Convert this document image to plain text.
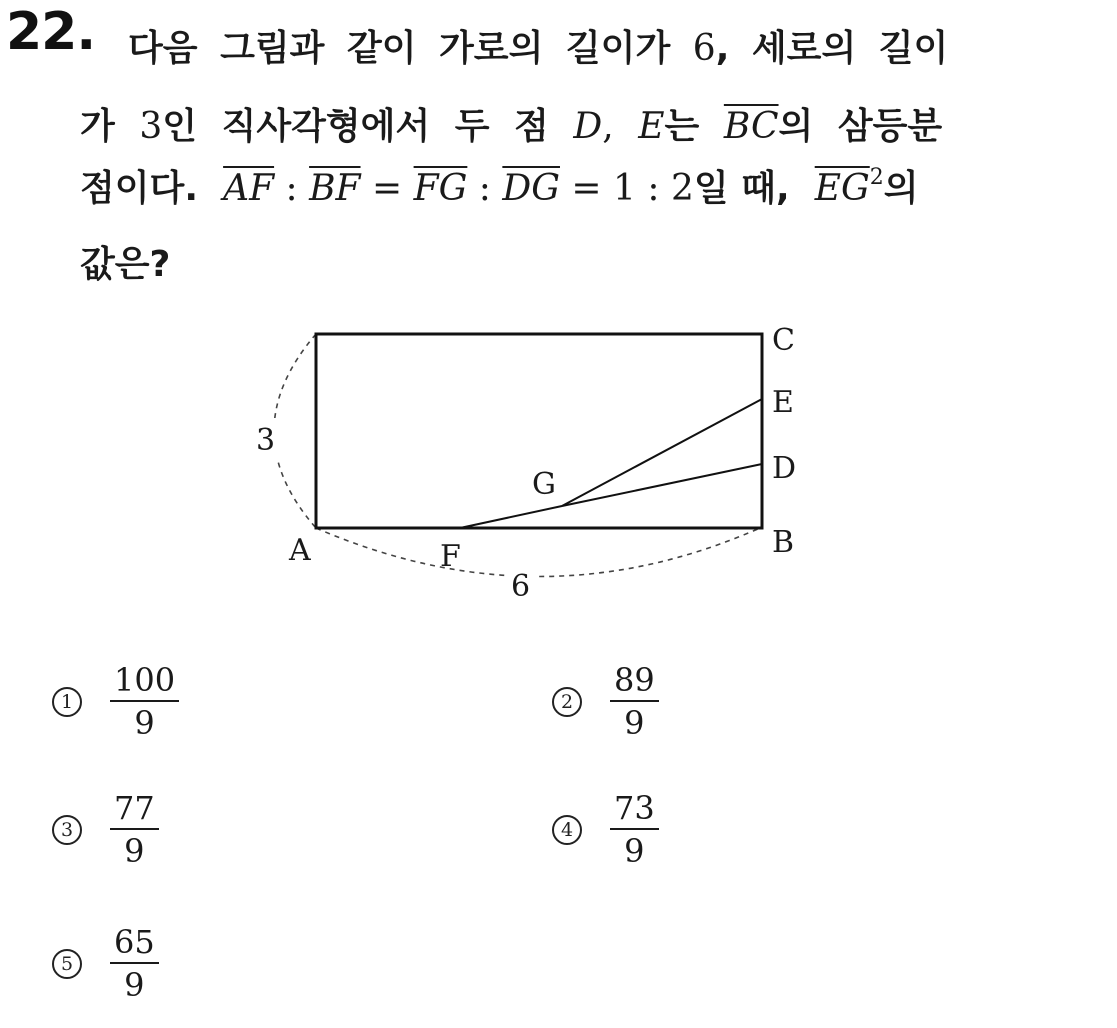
22. 다음 그림과 같이 가로의 길이가 6, 세로의 길이
가 3인 직사각형에서 두 점 D, E는 $\overline{BC}$의 삼등분
점이다. $\overline{AF}$ : $\overline{BF} = \overline{FG}$ : $\overline{DG} = 1$ : 2일 때, $\overline{EG}^2$의
값은?
A	B
C
D
E
F
G
3
6
$1 \frac{100}{9}$	$2 \frac{89}{9}$
$3 \frac{77}{9}$	$4 \frac{73}{9}$
$5 \frac{65}{9}$
